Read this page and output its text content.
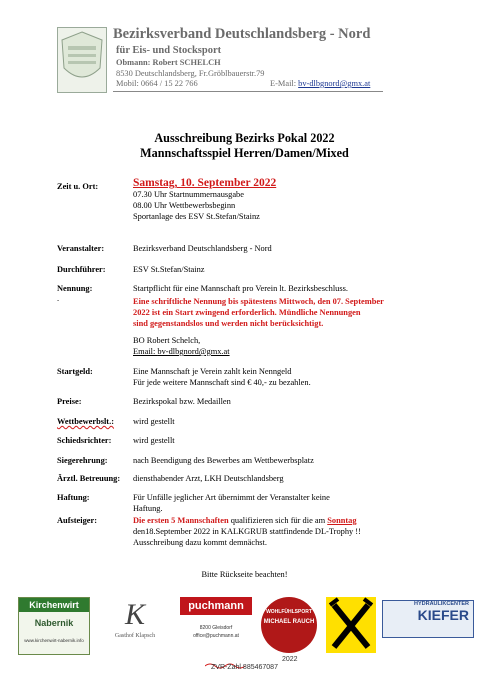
Bezirksverband Deutschlandsberg - Nord
für Eis- und Stocksport
Obmann: Robert SCHELCH
8530 Deutschlandsberg, Fr.Gröblbauerstr.79
Mobil: 0664 / 15 22 766	E-Mail: bv-dlbgnord@gmx.at
Ausschreibung Bezirks Pokal 2022
Mannschaftsspiel Herren/Damen/Mixed
Zeit u. Ort:	Samstag, 10. September 2022
07.30 Uhr Startnummernausgabe
08.00 Uhr Wettbewerbsbeginn
Sportanlage des ESV St.Stefan/Stainz
Veranstalter:	Bezirksverband Deutschlandsberg - Nord
Durchführer:	ESV St.Stefan/Stainz
Nennung:
.
Startpflicht für eine Mannschaft pro Verein lt. Bezirksbeschluss.
Eine schriftliche Nennung bis spätestens Mittwoch, den 07. September
2022 ist ein Start zwingend erforderlich. Mündliche Nennungen
sind gegenstandslos und werden nicht berücksichtigt.
BO Robert Schelch,
Email: bv-dlbgnord@gmx.at
Startgeld:	Eine Mannschaft je Verein zahlt kein Nenngeld
Für jede weitere Mannschaft sind € 40,- zu bezahlen.
Preise:	Bezirkspokal bzw. Medaillen
Wettbewerbslt.: wird gestellt
Schiedsrichter:	wird gestellt
Siegerehrung:	nach Beendigung des Bewerbes am Wettbewerbsplatz
Ärztl. Betreuung: diensthabender Arzt, LKH Deutschlandsberg
Haftung:	Für Unfälle jeglicher Art übernimmt der Veranstalter keine
Haftung.
Aufsteiger:	Die ersten 5 Mannschaften qualifizieren sich für die am Sonntag
den18.September 2022 in KALKGRUB stattfindende DL-Trophy !!
Ausschreibung dazu kommt demnächst.
Bitte Rückseite beachten!
Kirchenwirt
Nabernik
www.kirchenwirt-nabernik.info
K
Gasthof Klapsch
puchmann
8200 Gleisdorf
office@puchmann.at
WOHLFÜHLSPORT
MICHAEL RAUCH
HYDRAULIKCENTER
KIEFER
2022
ZVR-Zahl 885467087
